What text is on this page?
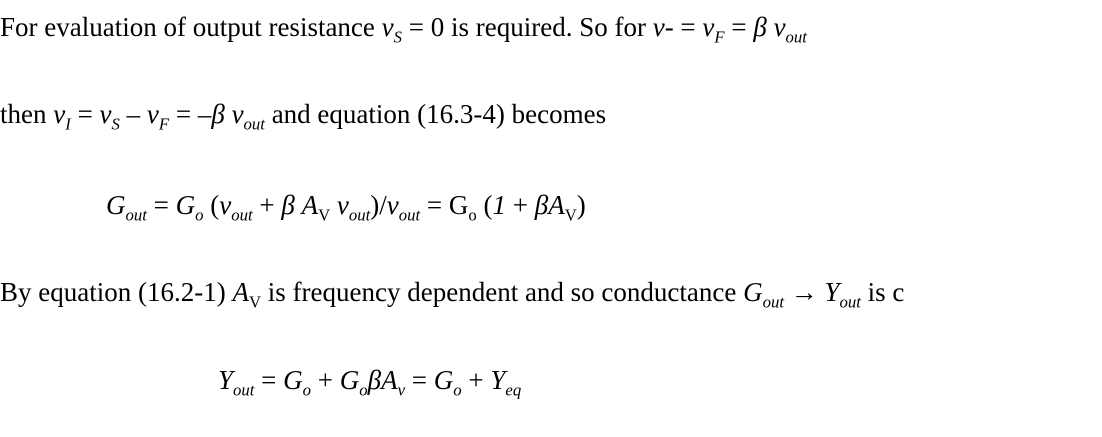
For evaluation of output resistance $v_S = 0$ is required. So for $v- = v_F = \beta$ $v_{out}$
then $v_I = v_S - v_F = -\beta$ $v_{out}$ and equation (16.3-4) becomes
$G_{out} = G_o$ ($v_{out} + \beta$ $A_V$ $v_{out})/v_{out} = G_o$ $(1 + \beta A_V)$
By equation (16.2-1) $A_V$ is frequency dependent and so conductance $G_{out} \to Y_{out}$ is c
$Y_{out} = G_o + G_o\beta A_v = G_o + Y_{eq}$
